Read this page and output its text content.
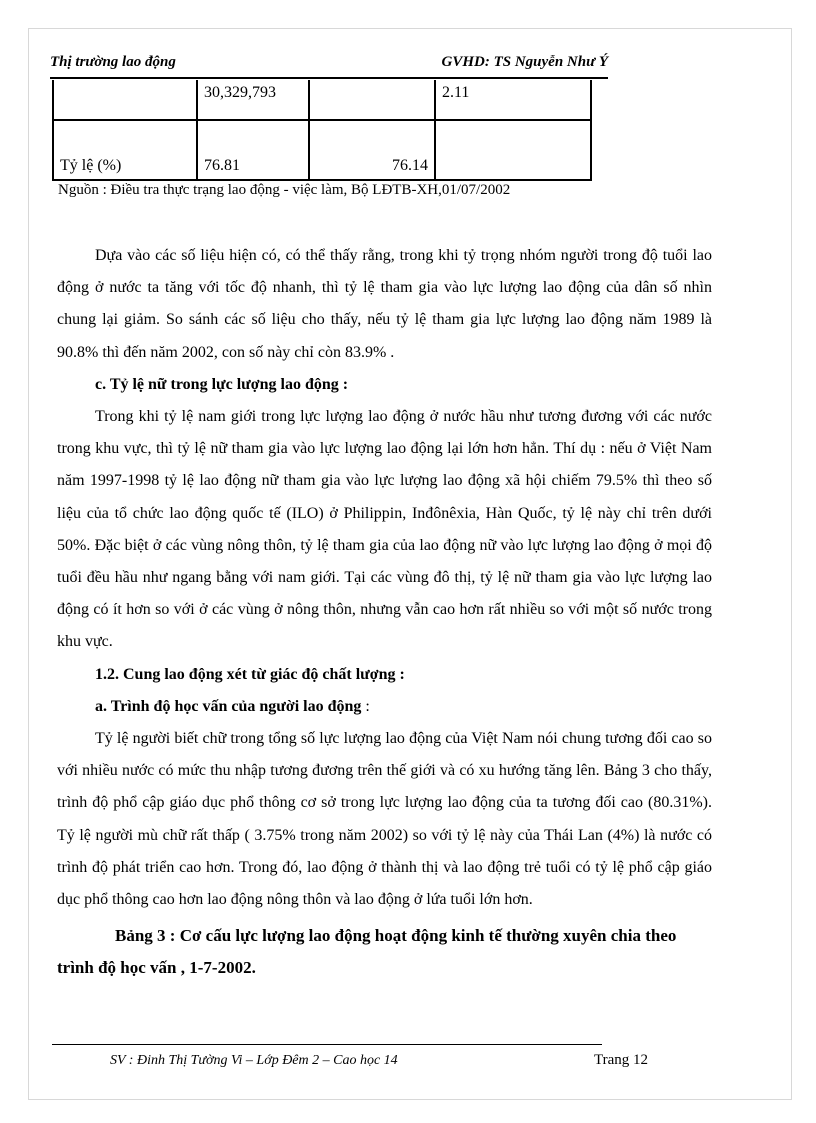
Thị trường lao động	GVHD: TS Nguyễn Như Ý
	30,329,793		2.11
Tỷ lệ (%)	76.81	76.14	
Nguồn : Điều tra thực trạng lao động - việc làm, Bộ LĐTB-XH,01/07/2002

Dựa vào các số liệu hiện có, có thể thấy rằng, trong khi tỷ trọng nhóm người trong độ tuổi lao động ở nước ta tăng với tốc độ nhanh, thì tỷ lệ tham gia vào lực lượng lao động của dân số nhìn chung lại giảm. So sánh các số liệu cho thấy, nếu tỷ lệ tham gia lực lượng lao động năm 1989 là 90.8% thì đến năm 2002, con số này chỉ còn 83.9% .

c. Tỷ lệ nữ trong lực lượng lao động :

Trong khi tỷ lệ nam giới trong lực lượng lao động ở nước hầu như tương đương với các nước trong khu vực, thì tỷ lệ nữ tham gia vào lực lượng lao động lại lớn hơn hẳn. Thí dụ : nếu ở Việt Nam năm 1997-1998 tỷ lệ lao động nữ tham gia vào lực lượng lao động xã hội chiếm 79.5% thì theo số liệu của tổ chức lao động quốc tế (ILO) ở Philippin, Inđônêxia, Hàn Quốc, tỷ lệ này chỉ trên dưới 50%. Đặc biệt ở các vùng nông thôn, tỷ lệ tham gia của lao động nữ vào lực lượng lao động ở mọi độ tuổi đều hầu như ngang bằng với nam giới. Tại các vùng đô thị, tỷ lệ nữ tham gia vào lực lượng lao động có ít hơn so với ở các vùng ở nông thôn, nhưng vẫn cao hơn rất nhiều so với một số nước trong khu vực.

1.2. Cung lao động xét từ giác độ chất lượng :
a. Trình độ học vấn của người lao động :

Tỷ lệ người biết chữ trong tổng số lực lượng lao động của Việt Nam nói chung tương đối cao so với nhiều nước có mức thu nhập tương đương trên thế giới và có xu hướng tăng lên. Bảng 3 cho thấy, trình độ phổ cập giáo dục phổ thông cơ sở trong lực lượng lao động của ta tương đối cao (80.31%). Tỷ lệ người mù chữ rất thấp ( 3.75% trong năm 2002) so với tỷ lệ này của Thái Lan (4%) là nước có trình độ phát triển cao hơn. Trong đó, lao động ở thành thị và lao động trẻ tuổi có tỷ lệ phổ cập giáo dục phổ thông cao hơn lao động nông thôn và lao động ở lứa tuổi lớn hơn.

Bảng 3 : Cơ cấu lực lượng lao động hoạt động kinh tế thường xuyên chia theo
trình độ học vấn , 1-7-2002.
SV : Đinh Thị Tường Vi – Lớp Đêm 2 – Cao học 14	Trang 12
